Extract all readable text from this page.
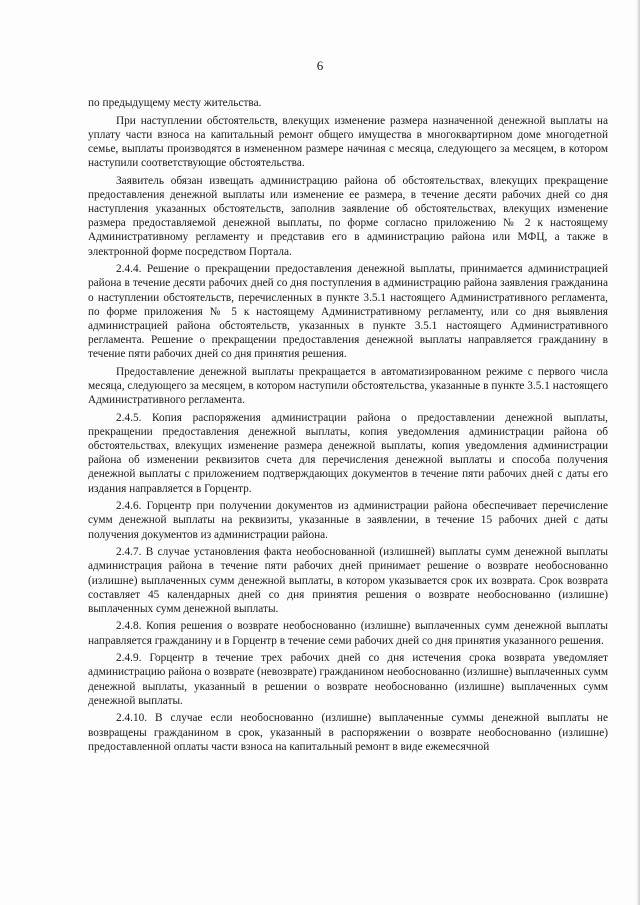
6

по предыдущему месту жительства.

При наступлении обстоятельств, влекущих изменение размера назначенной денежной выплаты на уплату части взноса на капитальный ремонт общего имущества в многоквартирном доме многодетной семье, выплаты производятся в измененном размере начиная с месяца, следующего за месяцем, в котором наступили соответствующие обстоятельства.

Заявитель обязан извещать администрацию района об обстоятельствах, влекущих прекращение предоставления денежной выплаты или изменение ее размера, в течение десяти рабочих дней со дня наступления указанных обстоятельств, заполнив заявление об обстоятельствах, влекущих изменение размера предоставляемой денежной выплаты, по форме согласно приложению № 2 к настоящему Административному регламенту и представив его в администрацию района или МФЦ, а также в электронной форме посредством Портала.

2.4.4. Решение о прекращении предоставления денежной выплаты, принимается администрацией района в течение десяти рабочих дней со дня поступления в администрацию района заявления гражданина о наступлении обстоятельств, перечисленных в пункте 3.5.1 настоящего Административного регламента, по форме приложения № 5 к настоящему Административному регламенту, или со дня выявления администрацией района обстоятельств, указанных в пункте 3.5.1 настоящего Административного регламента. Решение о прекращении предоставления денежной выплаты направляется гражданину в течение пяти рабочих дней со дня принятия решения.

Предоставление денежной выплаты прекращается в автоматизированном режиме с первого числа месяца, следующего за месяцем, в котором наступили обстоятельства, указанные в пункте 3.5.1 настоящего Административного регламента.

2.4.5. Копия распоряжения администрации района о предоставлении денежной выплаты, прекращении предоставления денежной выплаты, копия уведомления администрации района об обстоятельствах, влекущих изменение размера денежной выплаты, копия уведомления администрации района об изменении реквизитов счета для перечисления денежной выплаты и способа получения денежной выплаты с приложением подтверждающих документов в течение пяти рабочих дней с даты его издания направляется в Горцентр.

2.4.6. Горцентр при получении документов из администрации района обеспечивает перечисление сумм денежной выплаты на реквизиты, указанные в заявлении, в течение 15 рабочих дней с даты получения документов из администрации района.

2.4.7. В случае установления факта необоснованной (излишней) выплаты сумм денежной выплаты администрация района в течение пяти рабочих дней принимает решение о возврате необоснованно (излишне) выплаченных сумм денежной выплаты, в котором указывается срок их возврата. Срок возврата составляет 45 календарных дней со дня принятия решения о возврате необоснованно (излишне) выплаченных сумм денежной выплаты.

2.4.8. Копия решения о возврате необоснованно (излишне) выплаченных сумм денежной выплаты направляется гражданину и в Горцентр в течение семи рабочих дней со дня принятия указанного решения.

2.4.9. Горцентр в течение трех рабочих дней со дня истечения срока возврата уведомляет администрацию района о возврате (невозврате) гражданином необоснованно (излишне) выплаченных сумм денежной выплаты, указанный в решении о возврате необоснованно (излишне) выплаченных сумм денежной выплаты.

2.4.10. В случае если необоснованно (излишне) выплаченные суммы денежной выплаты не возвращены гражданином в срок, указанный в распоряжении о возврате необоснованно (излишне) предоставленной оплаты части взноса на капитальный ремонт в виде ежемесячной
